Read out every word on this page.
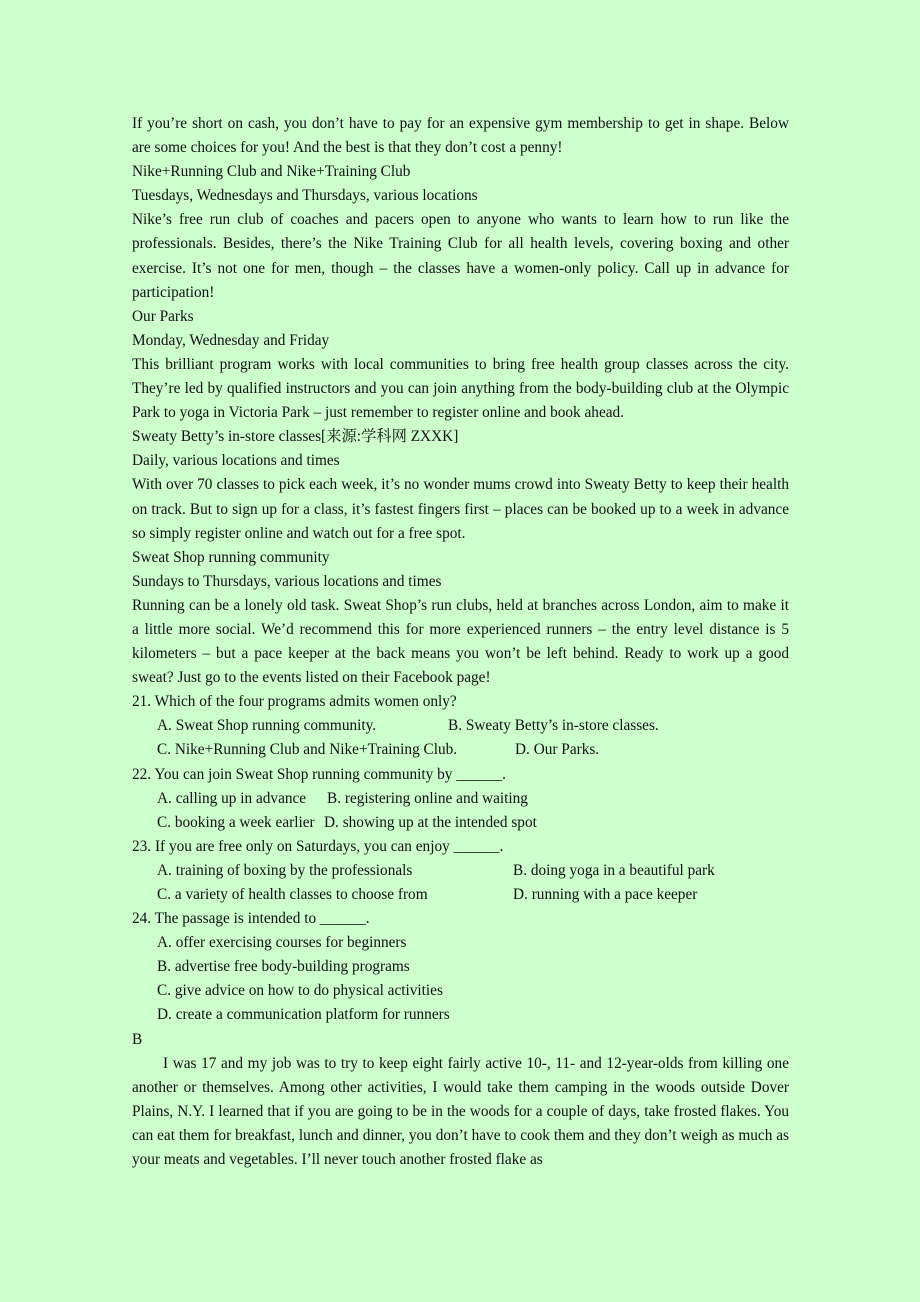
If you’re short on cash, you don’t have to pay for an expensive gym membership to get in shape. Below are some choices for you! And the best is that they don’t cost a penny!

Nike+Running Club and Nike+Training Club

Tuesdays, Wednesdays and Thursdays, various locations

Nike’s free run club of coaches and pacers open to anyone who wants to learn how to run like the professionals. Besides, there’s the Nike Training Club for all health levels, covering boxing and other exercise. It’s not one for men, though – the classes have a women-only policy. Call up in advance for participation!

Our Parks

Monday, Wednesday and Friday

This brilliant program works with local communities to bring free health group classes across the city. They’re led by qualified instructors and you can join anything from the body-building club at the Olympic Park to yoga in Victoria Park – just remember to register online and book ahead.

Sweaty Betty’s in-store classes[来源:学科网 ZXXK]

Daily, various locations and times

With over 70 classes to pick each week, it’s no wonder mums crowd into Sweaty Betty to keep their health on track. But to sign up for a class, it’s fastest fingers first – places can be booked up to a week in advance so simply register online and watch out for a free spot.

Sweat Shop running community

Sundays to Thursdays, various locations and times

Running can be a lonely old task. Sweat Shop’s run clubs, held at branches across London, aim to make it a little more social. We’d recommend this for more experienced runners – the entry level distance is 5 kilometers – but a pace keeper at the back means you won’t be left behind. Ready to work up a good sweat? Just go to the events listed on their Facebook page!

21. Which of the four programs admits women only?

A. Sweat Shop running community.	B. Sweaty Betty’s in-store classes.
C. Nike+Running Club and Nike+Training Club.	D. Our Parks.

22. You can join Sweat Shop running community by ______.

A. calling up in advance B. registering online and waiting
C. booking a week earlier D. showing up at the intended spot

23. If you are free only on Saturdays, you can enjoy ______.

A. training of boxing by the professionals	B. doing yoga in a beautiful park
C. a variety of health classes to choose from	D. running with a pace keeper

24. The passage is intended to ______.

A. offer exercising courses for beginners

B. advertise free body-building programs

C. give advice on how to do physical activities

D. create a communication platform for runners

B

I was 17 and my job was to try to keep eight fairly active 10-, 11- and 12-year-olds from killing one another or themselves. Among other activities, I would take them camping in the woods outside Dover Plains, N.Y. I learned that if you are going to be in the woods for a couple of days, take frosted flakes. You can eat them for breakfast, lunch and dinner, you don’t have to cook them and they don’t weigh as much as your meats and vegetables. I’ll never touch another frosted flake as
